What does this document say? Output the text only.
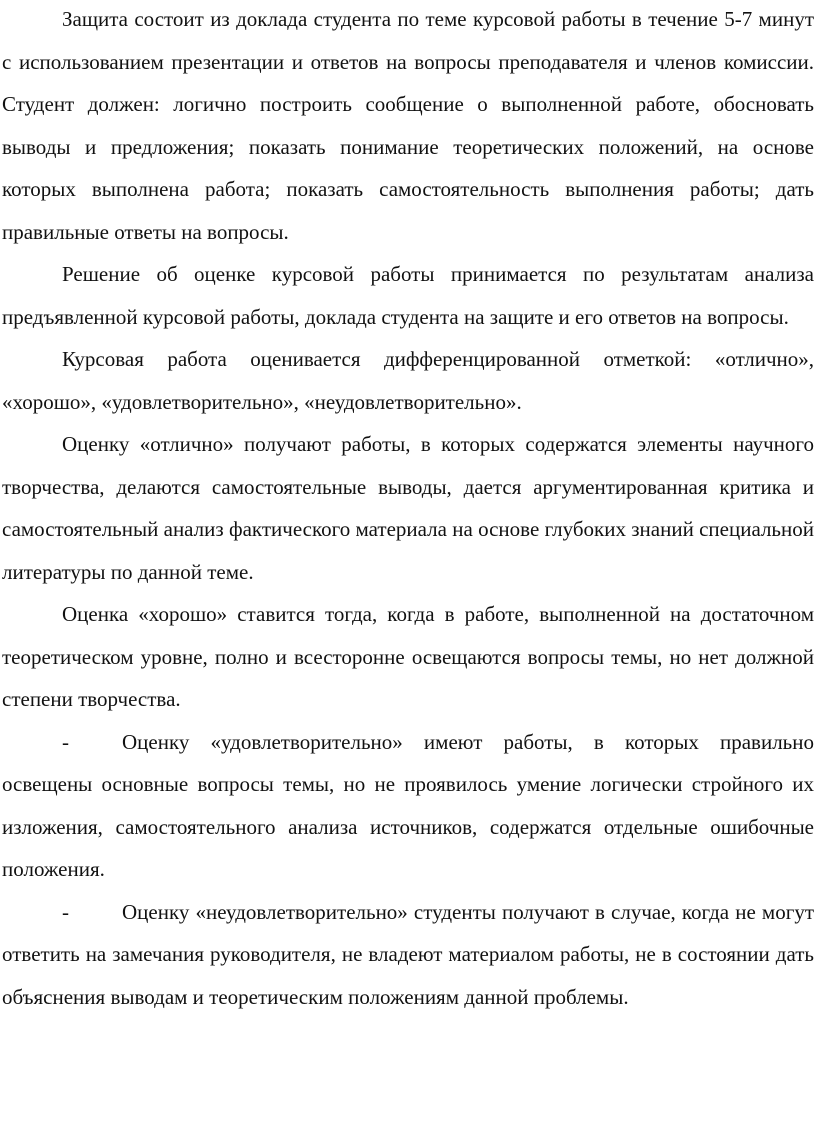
Защита состоит из доклада студента по теме курсовой работы в течение 5-7 минут с использованием презентации и ответов на вопросы преподавателя и членов комиссии. Студент должен: логично построить сообщение о выполненной работе, обосновать выводы и предложения; показать понимание теоретических положений, на основе которых выполнена работа; показать самостоятельность выполнения работы; дать правильные ответы на вопросы.

Решение об оценке курсовой работы принимается по результатам анализа предъявленной курсовой работы, доклада студента на защите и его ответов на вопросы.

Курсовая работа оценивается дифференцированной отметкой: «отлично», «хорошо», «удовлетворительно», «неудовлетворительно».

Оценку «отлично» получают работы, в которых содержатся элементы научного творчества, делаются самостоятельные выводы, дается аргументированная критика и самостоятельный анализ фактического материала на основе глубоких знаний специальной литературы по данной теме.

Оценка «хорошо» ставится тогда, когда в работе, выполненной на достаточном теоретическом уровне, полно и всесторонне освещаются вопросы темы, но нет должной степени творчества.

-	Оценку «удовлетворительно» имеют работы, в которых правильно освещены основные вопросы темы, но не проявилось умение логически стройного их изложения, самостоятельного анализа источников, содержатся отдельные ошибочные положения.

-	Оценку «неудовлетворительно» студенты получают в случае, когда не могут ответить на замечания руководителя, не владеют материалом работы, не в состоянии дать объяснения выводам и теоретическим положениям данной проблемы.
